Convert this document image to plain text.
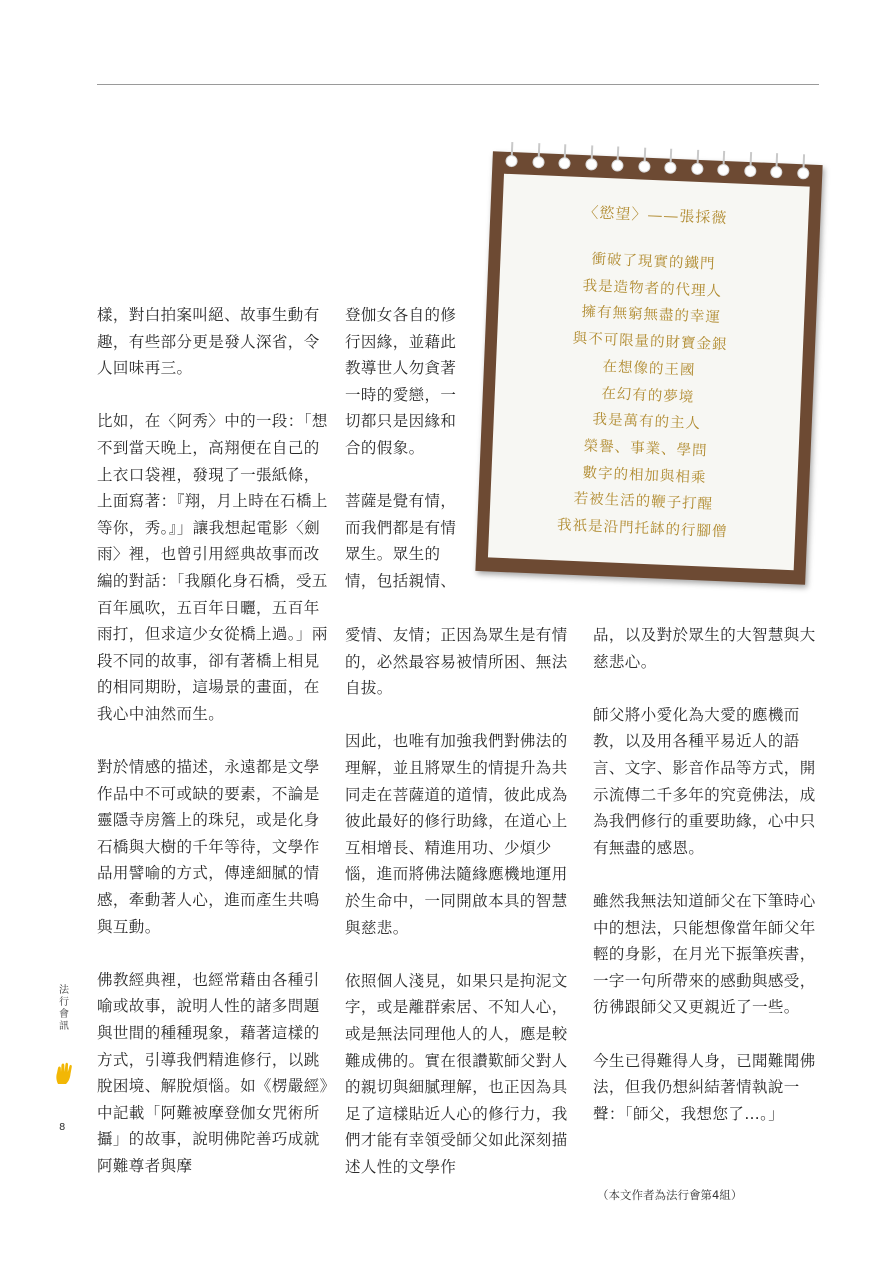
〈慾望〉——張採薇
衝破了現實的鐵門
我是造物者的代理人
擁有無窮無盡的幸運
與不可限量的財寶金銀
在想像的王國
在幻有的夢境
我是萬有的主人
榮譽、事業、學問
數字的相加與相乘
若被生活的鞭子打醒
我祇是沿門托缽的行腳僧

樣，對白拍案叫絕、故事生動有趣，有些部分更是發人深省，令人回味再三。

比如，在〈阿秀〉中的一段：「想不到當天晚上，高翔便在自己的上衣口袋裡，發現了一張紙條，上面寫著：『翔，月上時在石橋上等你，秀。』」讓我想起電影〈劍雨〉裡，也曾引用經典故事而改編的對話：「我願化身石橋，受五百年風吹，五百年日曬，五百年雨打，但求這少女從橋上過。」兩段不同的故事，卻有著橋上相見的相同期盼，這場景的畫面，在我心中油然而生。

對於情感的描述，永遠都是文學作品中不可或缺的要素，不論是靈隱寺房簷上的珠兒，或是化身石橋與大樹的千年等待，文學作品用譬喻的方式，傳達細膩的情感，牽動著人心，進而產生共鳴與互動。

佛教經典裡，也經常藉由各種引喻或故事，說明人性的諸多問題與世間的種種現象，藉著這樣的方式，引導我們精進修行，以跳脫困境、解脫煩惱。如《楞嚴經》中記載「阿難被摩登伽女咒術所攝」的故事，說明佛陀善巧成就阿難尊者與摩

登伽女各自的修行因緣，並藉此教導世人勿貪著一時的愛戀，一切都只是因緣和合的假象。

菩薩是覺有情，而我們都是有情眾生。眾生的情，包括親情、

愛情、友情；正因為眾生是有情的，必然最容易被情所困、無法自拔。

因此，也唯有加強我們對佛法的理解，並且將眾生的情提升為共同走在菩薩道的道情，彼此成為彼此最好的修行助緣，在道心上互相增長、精進用功、少煩少惱，進而將佛法隨緣應機地運用於生命中，一同開啟本具的智慧與慈悲。

依照個人淺見，如果只是拘泥文字，或是離群索居、不知人心，或是無法同理他人的人，應是較難成佛的。實在很讚歎師父對人的親切與細膩理解，也正因為具足了這樣貼近人心的修行力，我們才能有幸領受師父如此深刻描述人性的文學作

品，以及對於眾生的大智慧與大慈悲心。

師父將小愛化為大愛的應機而教，以及用各種平易近人的語言、文字、影音作品等方式，開示流傳二千多年的究竟佛法，成為我們修行的重要助緣，心中只有無盡的感恩。

雖然我無法知道師父在下筆時心中的想法，只能想像當年師父年輕的身影，在月光下振筆疾書，一字一句所帶來的感動與感受，彷彿跟師父又更親近了一些。

今生已得難得人身，已聞難聞佛法，但我仍想糾結著情執說一聲：「師父，我想您了…。」

（本文作者為法行會第4組）
法
行
會
訊
8
